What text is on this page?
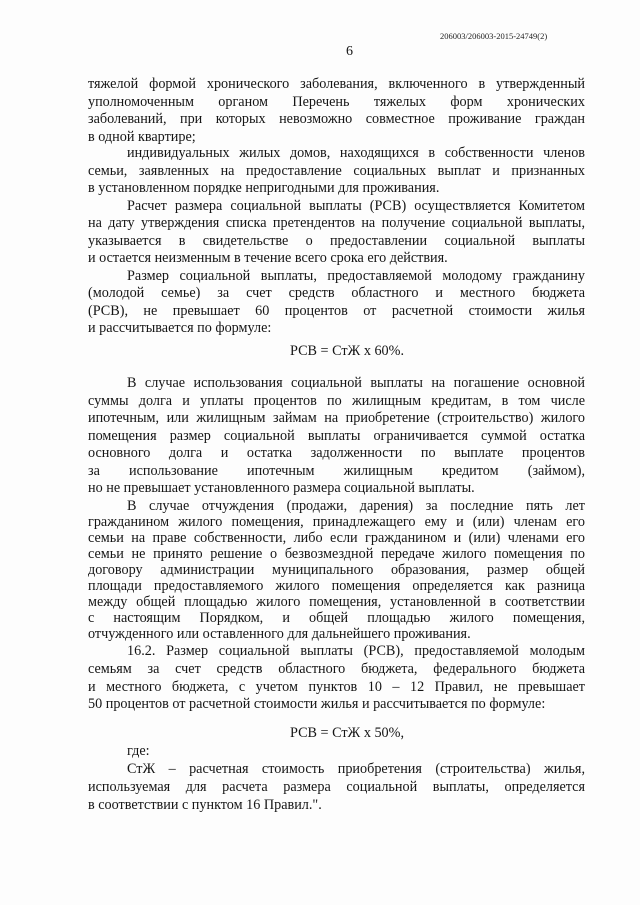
206003/206003-2015-24749(2)
6
тяжелой формой хронического заболевания, включенного в утвержденный
уполномоченным органом Перечень тяжелых форм хронических
заболеваний, при которых невозможно совместное проживание граждан
в одной квартире;
индивидуальных жилых домов, находящихся в собственности членов
семьи, заявленных на предоставление социальных выплат и признанных
в установленном порядке непригодными для проживания.
Расчет размера социальной выплаты (РСВ) осуществляется Комитетом
на дату утверждения списка претендентов на получение социальной выплаты,
указывается в свидетельстве о предоставлении социальной выплаты
и остается неизменным в течение всего срока его действия.
Размер социальной выплаты, предоставляемой молодому гражданину
(молодой семье) за счет средств областного и местного бюджета
(РСВ), не превышает 60 процентов от расчетной стоимости жилья
и рассчитывается по формуле:
РСВ = СтЖ х 60%.
В случае использования социальной выплаты на погашение основной
суммы долга и уплаты процентов по жилищным кредитам, в том числе
ипотечным, или жилищным займам на приобретение (строительство) жилого
помещения размер социальной выплаты ограничивается суммой остатка
основного долга и остатка задолженности по выплате процентов
за использование ипотечным жилищным кредитом (займом),
но не превышает установленного размера социальной выплаты.
В случае отчуждения (продажи, дарения) за последние пять лет
гражданином жилого помещения, принадлежащего ему и (или) членам его
семьи на праве собственности, либо если гражданином и (или) членами его
семьи не принято решение о безвозмездной передаче жилого помещения по
договору администрации муниципального образования, размер общей
площади предоставляемого жилого помещения определяется как разница
между общей площадью жилого помещения, установленной в соответствии
с настоящим Порядком, и общей площадью жилого помещения,
отчужденного или оставленного для дальнейшего проживания.
16.2. Размер социальной выплаты (РСВ), предоставляемой молодым
семьям за счет средств областного бюджета, федерального бюджета
и местного бюджета, с учетом пунктов 10 – 12 Правил, не превышает
50 процентов от расчетной стоимости жилья и рассчитывается по формуле:
РСВ = СтЖ х 50%,
где:
СтЖ – расчетная стоимость приобретения (строительства) жилья,
используемая для расчета размера социальной выплаты, определяется
в соответствии с пунктом 16 Правил.".
